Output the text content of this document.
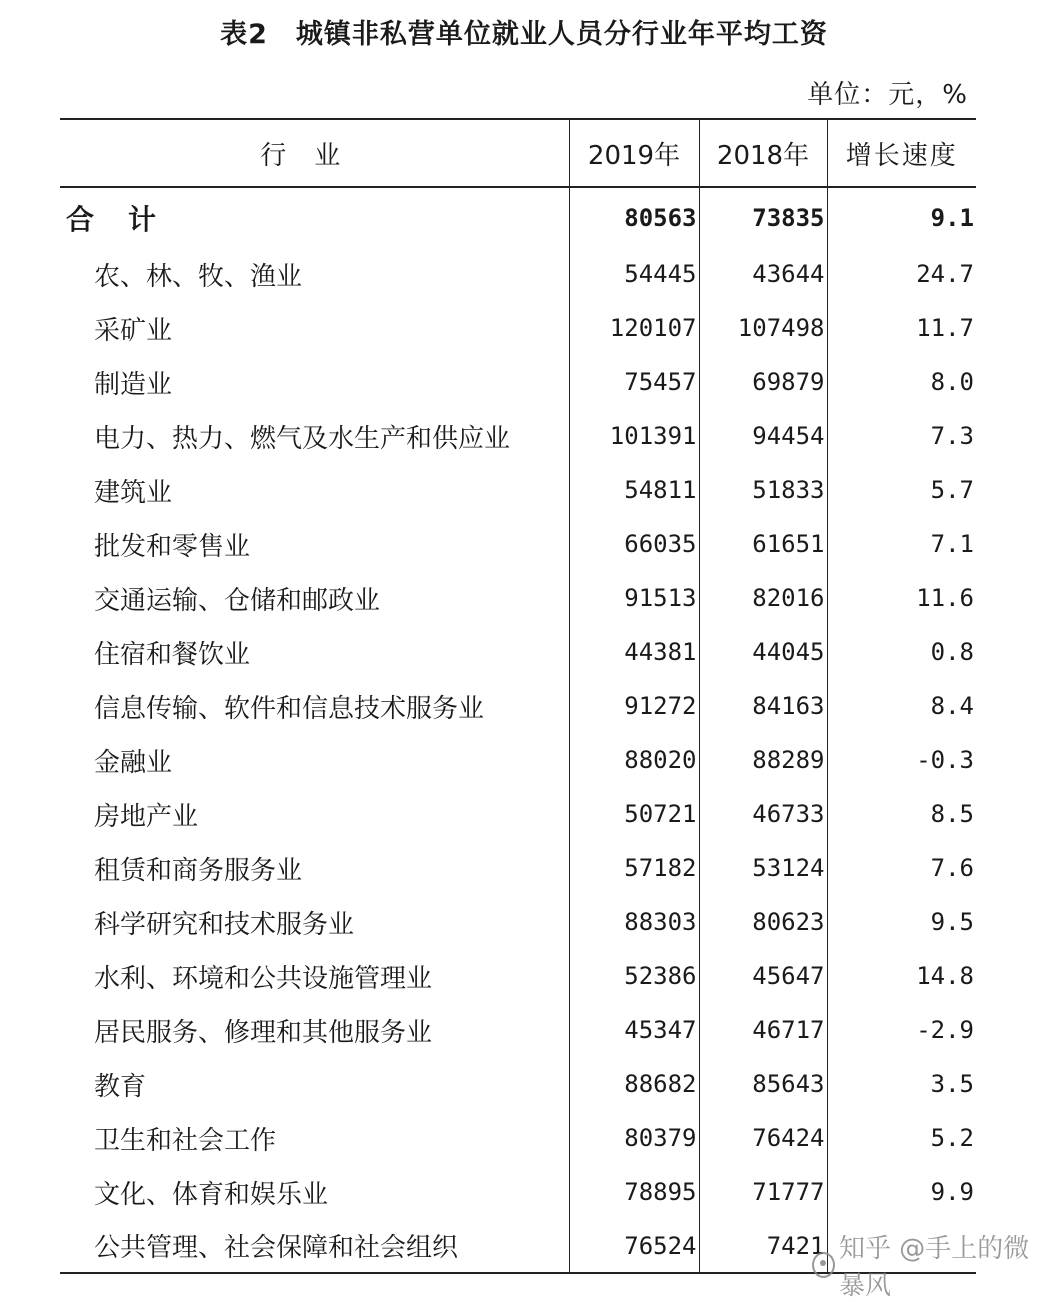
表2 城镇非私营单位就业人员分行业年平均工资
单位：元，%
行业	2019年	2018年	增长速度
合计	80563	73835	9.1
农、林、牧、渔业	54445	43644	24.7
采矿业	120107	107498	11.7
制造业	75457	69879	8.0
电力、热力、燃气及水生产和供应业	101391	94454	7.3
建筑业	54811	51833	5.7
批发和零售业	66035	61651	7.1
交通运输、仓储和邮政业	91513	82016	11.6
住宿和餐饮业	44381	44045	0.8
信息传输、软件和信息技术服务业	91272	84163	8.4
金融业	88020	88289	-0.3
房地产业	50721	46733	8.5
租赁和商务服务业	57182	53124	7.6
科学研究和技术服务业	88303	80623	9.5
水利、环境和公共设施管理业	52386	45647	14.8
居民服务、修理和其他服务业	45347	46717	-2.9
教育	88682	85643	3.5
卫生和社会工作	80379	76424	5.2
文化、体育和娱乐业	78895	71777	9.9
公共管理、社会保障和社会组织	76524	7421	知乎 @手上的微暴风
